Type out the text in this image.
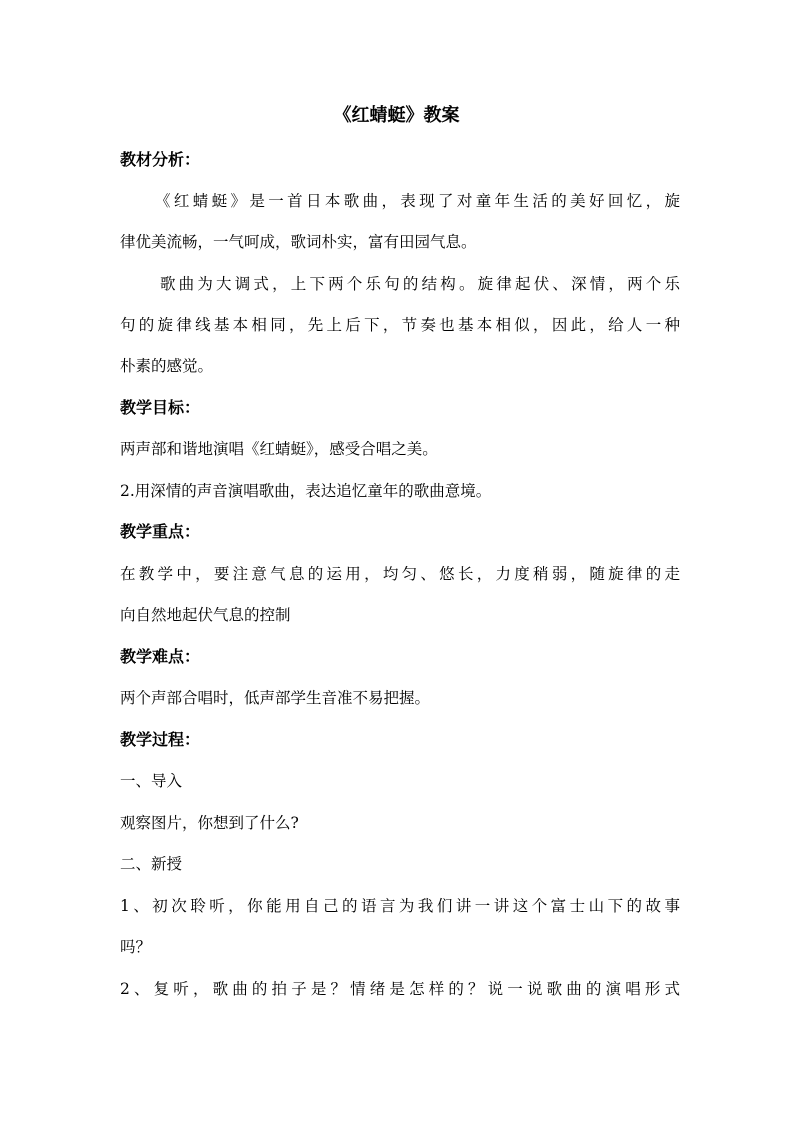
《红蜻蜓》教案
教材分析：
《红蜻蜓》是一首日本歌曲，表现了对童年生活的美好回忆，旋
律优美流畅，一气呵成，歌词朴实，富有田园气息。
歌曲为大调式，上下两个乐句的结构。旋律起伏、深情，两个乐
句的旋律线基本相同，先上后下，节奏也基本相似，因此，给人一种
朴素的感觉。
教学目标：
两声部和谐地演唱《红蜻蜓》，感受合唱之美。
2.用深情的声音演唱歌曲，表达追忆童年的歌曲意境。
教学重点：
在教学中，要注意气息的运用，均匀、悠长，力度稍弱，随旋律的走
向自然地起伏气息的控制
教学难点：
两个声部合唱时，低声部学生音准不易把握。
教学过程：
一、导入
观察图片，你想到了什么?
二、新授
1、初次聆听，你能用自己的语言为我们讲一讲这个富士山下的故事
吗？
2、复听，歌曲的拍子是？情绪是怎样的？说一说歌曲的演唱形式
